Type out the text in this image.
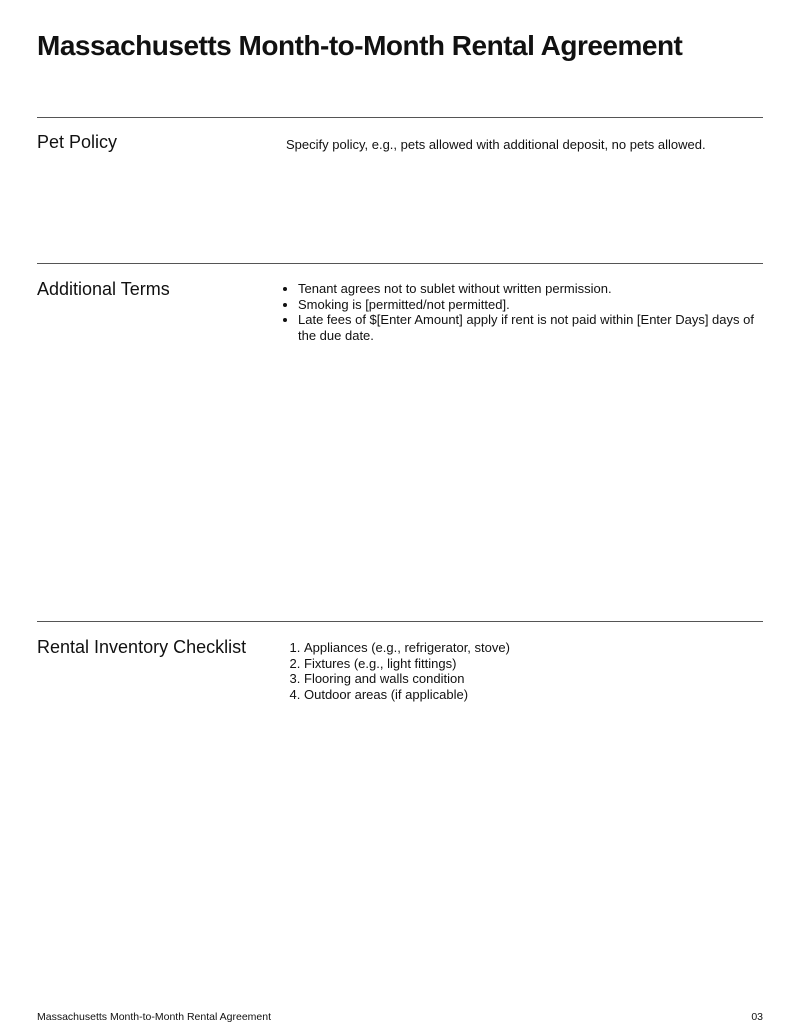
Massachusetts Month-to-Month Rental Agreement
Pet Policy	Specify policy, e.g., pets allowed with additional deposit, no pets allowed.
Additional Terms	• Tenant agrees not to sublet without written permission.
• Smoking is [permitted/not permitted].
• Late fees of $[Enter Amount] apply if rent is not paid within [Enter Days] days of the due date.
Rental Inventory Checklist	1. Appliances (e.g., refrigerator, stove)
2. Fixtures (e.g., light fittings)
3. Flooring and walls condition
4. Outdoor areas (if applicable)
Massachusetts Month-to-Month Rental Agreement	03
